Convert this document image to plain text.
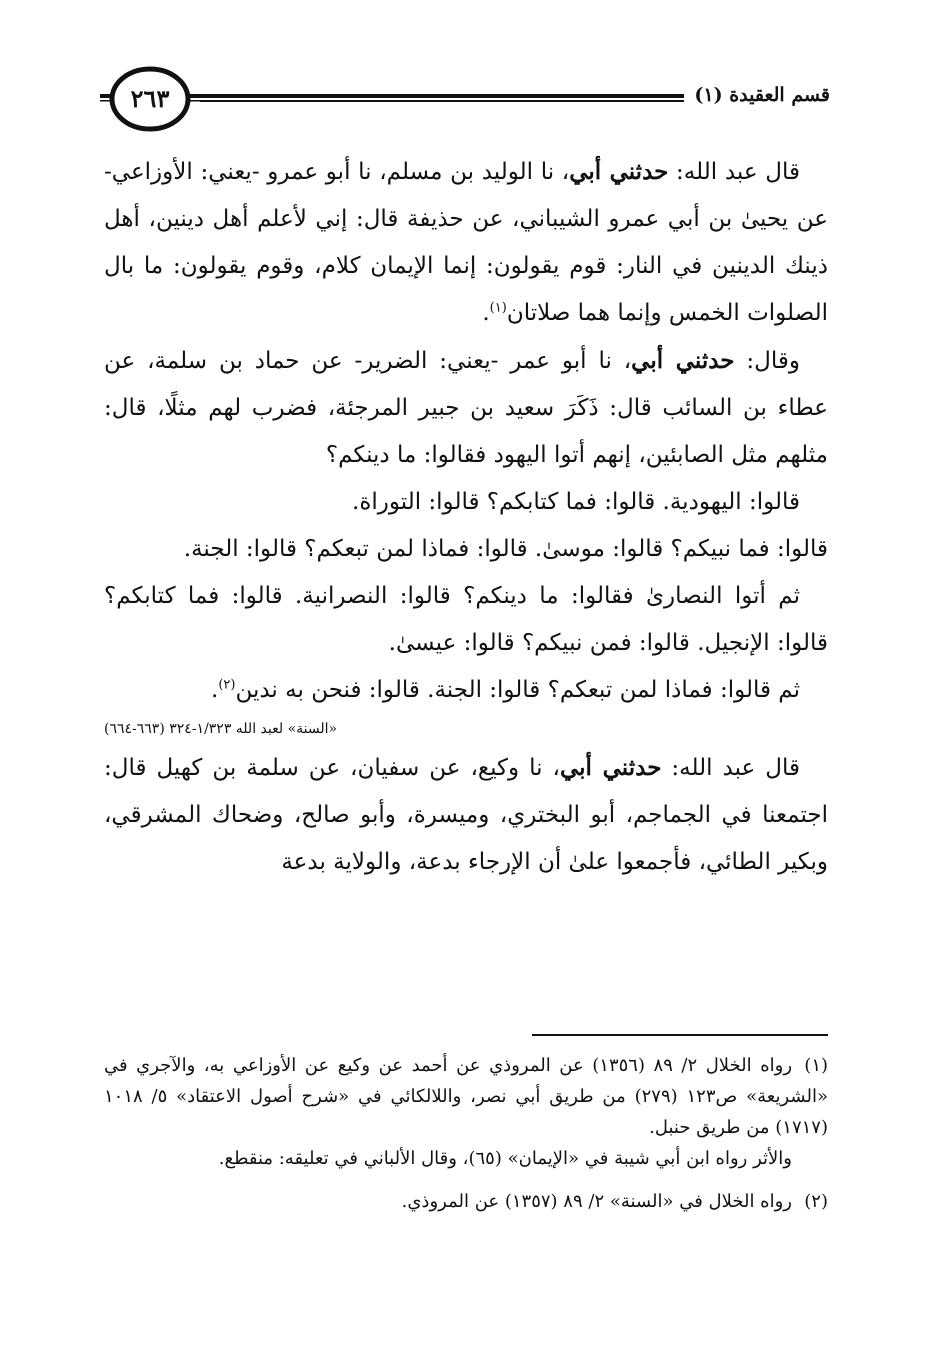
قسم العقيدة (١)
٢٦٣

قال عبد الله: حدثني أبي، نا الوليد بن مسلم، نا أبو عمرو -يعني: الأوزاعي- عن يحيىٰ بن أبي عمرو الشيباني، عن حذيفة قال: إني لأعلم أهل دينين، أهل ذينك الدينين في النار: قوم يقولون: إنما الإيمان كلام، وقوم يقولون: ما بال الصلوات الخمس وإنما هما صلاتان$^{(١)}$.

وقال: حدثني أبي، نا أبو عمر -يعني: الضرير- عن حماد بن سلمة، عن عطاء بن السائب قال: ذَكَرَ سعيد بن جبير المرجئة، فضرب لهم مثلًا، قال: مثلهم مثل الصابئين، إنهم أتوا اليهود فقالوا: ما دينكم؟

قالوا: اليهودية. قالوا: فما كتابكم؟ قالوا: التوراة.

قالوا: فما نبيكم؟ قالوا: موسىٰ. قالوا: فماذا لمن تبعكم؟ قالوا: الجنة.

ثم أتوا النصارىٰ فقالوا: ما دينكم؟ قالوا: النصرانية. قالوا: فما كتابكم؟ قالوا: الإنجيل. قالوا: فمن نبيكم؟ قالوا: عيسىٰ.

ثم قالوا: فماذا لمن تبعكم؟ قالوا: الجنة. قالوا: فنحن به ندين$^{(٢)}$.

«السنة» لعبد الله ١/٣٢٣-٣٢٤ (٦٦٣-٦٦٤)

قال عبد الله: حدثني أبي، نا وكيع، عن سفيان، عن سلمة بن كهيل قال: اجتمعنا في الجماجم، أبو البختري، وميسرة، وأبو صالح، وضحاك المشرقي، وبكير الطائي، فأجمعوا علىٰ أن الإرجاء بدعة، والولاية بدعة

(١)رواه الخلال ٢/ ٨٩ (١٣٥٦) عن المروذي عن أحمد عن وكيع عن الأوزاعي به، والآجري في «الشريعة» ص١٢٣ (٢٧٩) من طريق أبي نصر، واللالكائي في «شرح أصول الاعتقاد» ٥/ ١٠١٨ (١٧١٧) من طريق حنبل.

والأثر رواه ابن أبي شيبة في «الإيمان» (٦٥)، وقال الألباني في تعليقه: منقطع.

(٢)رواه الخلال في «السنة» ٢/ ٨٩ (١٣٥٧) عن المروذي.
